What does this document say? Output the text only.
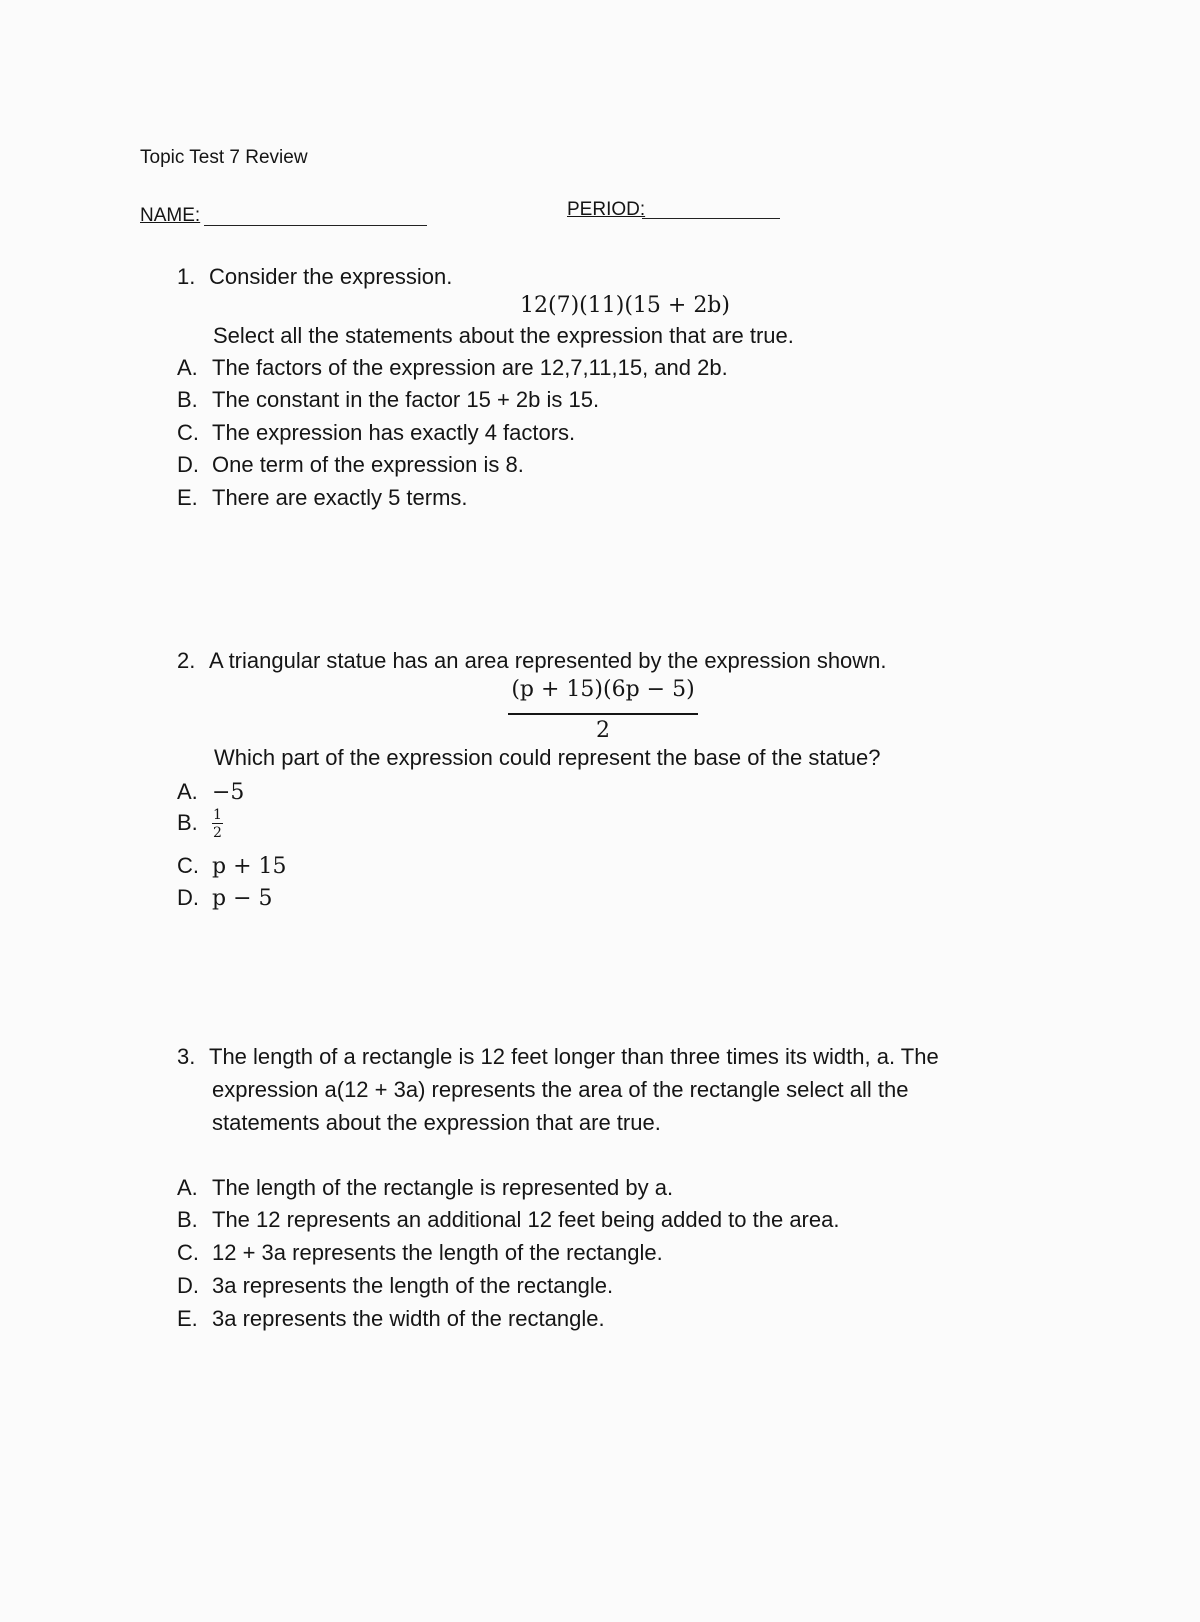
Topic Test 7 Review
NAME:	PERIOD:
1. Consider the expression.
12(7)(11)(15 + 2b)
Select all the statements about the expression that are true.
A. The factors of the expression are 12,7,11,15, and 2b.
B. The constant in the factor 15 + 2b is 15.
C. The expression has exactly 4 factors.
D. One term of the expression is 8.
E. There are exactly 5 terms.
2. A triangular statue has an area represented by the expression shown.
(p + 15)(6p − 5)
2
Which part of the expression could represent the base of the statue?
A. −5
B. $\frac{1}{2}$
C. p + 15
D. p − 5
3. The length of a rectangle is 12 feet longer than three times its width, a. The
expression a(12 + 3a) represents the area of the rectangle select all the
statements about the expression that are true.
A. The length of the rectangle is represented by a.
B. The 12 represents an additional 12 feet being added to the area.
C. 12 + 3a represents the length of the rectangle.
D. 3a represents the length of the rectangle.
E. 3a represents the width of the rectangle.
